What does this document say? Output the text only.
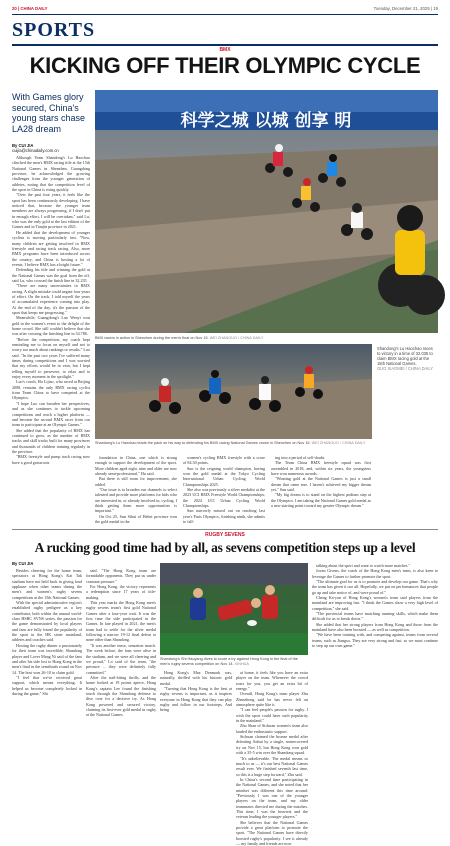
20 | CHINA DAILY	Tuesday, December 21, 2025 | 19
SPORTS
BMX
KICKING OFF THEIR OLYMPIC CYCLE
With Games glory secured, China's young stars chase LA28 dream
By CUI JIA
cuijia@chinadaily.com.cn

Although Team Shandong's Lu Haochao clinched the men's BMX racing title at the 15th National Games in Shenzhen, Guangdong province, he acknowledged the growing challenges from the younger generation of athletes, noting that the competition level of the sport in China is rising quickly.

"Over the past four years, it feels like the sport has been continuously developing. I have noticed that, because the younger team members are always progressing, if I don't put in enough effort, I will be overtaken," said Lu, who was the only gold at the last edition of the Games and in Tianjin province in 2021.

He added that the development of younger cyclists is moving particularly fast. "Now, many children are getting involved in BMX freestyle and racing track racing. Also, more BMX programs have been introduced across the country, and China is hosting a lot of events. I believe BMX has a bright future."

Defending his title and winning the gold at the National Games was the goal from the off, said Lu, who crossed the finish line in 32.235.

"There are many uncertainties in BMX racing. A slight mistake could negate four years of effort. On the track, I told myself the years of accumulated experience coming into play. At the end of the day, it's the passion of the sport that keeps me progressing."

Meanwhile, Guangdong's Luo Wenyi won gold in the women's event to the delight of the home crowd. She still couldn't believe that she was after crossing the finishing line in 34.786.

"Before the competition, my coach kept reminding me to focus on myself and not to worry too much about rankings or results," Luo said. "In the past two years I've suffered many times during competitions and I was worried that my efforts would be in vain, but I kept telling myself to persevere, to relax and to enjoy every moment in the spotlight."

Luo's coach, Hu Lijiao, who raced at Beijing 2008, remains the only BMX racing cyclist from Team China to have competed at the Olympics.

"I hope Luo can broaden her perspectives, and as she continues to tackle upcoming competitions and reach a higher platform — and become the second BMX racer from our team to participate at an Olympic Games."

She added that the popularity of BMX has continued to grow, as the number of BMX tracks and skill tracks built for many provinces and thousands of children training regularly in the province.

"BMX freestyle and pump track racing now have a good grassroots

科学之城 以城 创享 明
BMX racers in action in Shenzhen during the men's final on Nov 15. WEI ZHANGUO / CHINA DAILY
Shandong's Lu Haochao leads the pack on his way to defending his BMX racing National Games crown in Shenzhen on Nov 15. WEI ZHANGUO / CHINA DAILY
Shandong's Lu Haochao races to victory in a time of 32.035 to claim BMX racing gold at the 15th National Games.
GUO XIAOMEI / CHINA DAILY

foundation in China, one which is strong enough to support the development of the sport. More children aged eight, nine and older are now already semi-professional," Hu said.

But there is still room for improvement, she added.

"Our issue is to broaden our channels to select talented and provide more platforms for kids who are interested in, or already involved in, cycling. I think getting them more opportunities is important."

On Oct 25, Sun Sihui of Hebei province won the gold medal in the

women's cycling BMX freestyle with a score of 84.30 points.

Sun is the reigning world champion, having won the gold medal at the Tokyo Cycling International Urban Cycling World Championships 2025.

She also was previously a silver medalist at the 2023 UCI BMX Freestyle World Championships, the 2024 UCI Urban Cycling World Championships.

Sun narrowly missed out on reaching last year's Paris Olympics, finishing ninth, she admits to fall-

ing into a period of self-doubt.

The Team China BMX freestyle squad was first assembled in 2018, and, within six years, the youngsters have won numerous awards.

"Winning gold at the National Games is just a small dream that came true. I haven't achieved my bigger dream yet," Sun said.

"My big dream is to stand on the highest podium step at the Olympics. I am taking the National Games gold medal as a new starting point toward my greater Olympic dream."

RUGBY SEVENS
A rucking good time had by all, as sevens competition steps up a level
By CUI JIA

Besides cheering for the home team, spectators at Hong Kong's Kai Tak stadium have not held back in giving loud applause when other teams during the men's and women's rugby sevens competitions at the 15th National Games.

With the special administrative region's established rugby pedigree as a key contributor, both within the annual world-class HSBC SVNS series, the passion for the game demonstrated by local players and fans are fully found the popularity of the sport in the HK sister mainland, athletes and coaches said.

Hosting the rugby dinner a passionately for their team was incredible, Shandong player and Lover Mang Ni said of the fans and after his side lost to Hong Kong in the men's final in the semifinals round on Nov 14. The host won 26-10 to claim gold.

"I feel that we've received great support, which means everything. It helped us become completely locked in during the game," Shi

said. "The Hong Kong team are formidable opponents. They put us under constant pressure."

For Hong Kong, the victory represents a redemption since 17 years of title-making.

This year marks the Hong Kong men's rugby sevens team's first gold National Games after a four-year wait. It was the first time the side participated in the Games. In late played in 2021, the men's team had to settle for the silver medal following a narrow 19-12 final defeat to none other than Shandong.

"It was another tense, sensation match. The week before, the fans were alive in the stadium, and we were all cheering and we proud," Lo said of the team, "the pressure ... they were definitely fully committed."

After the nail-biting thrills, and the home looked at 19 points apiece, Hong Kong's captain Lee found the finishing touch through the Shandong defense to dive over for a decisive try. As Hong Kong powered and secured victory, claiming its first-ever gold medal in rugby at the National Games.

Shandong's Shi Haoyang dives to score a try against Hong Kong in the final of the men's rugby sevens competition on Nov 14. XINHUA

Hong Kong's Max Denmark was, naturally, thrilled with his historic gold medal.

"Turning that Hong Kong is the best at rugby sevens is important, as it inspires everyone in Hong Kong that they can play rugby and follow in our footsteps. And being

at home, it feels like you have an extra player on the team. Whenever the crowd roars for you, you get an extra bit of energy."

Overall, Hong Kong's team player Zhu Zhenzhong said he has never felt an atmosphere quite like it.

"I can feel people's passion for rugby. I wish the sport could have such popularity in the mainland."

Zhu Shan of Sichuan women's team also lauded the enthusiastic support.

Sichuan claimed the bronze medal after defeating Anhui by a single, nonrecovered try on Nov 15, but Hong Kong won gold with a 35-5 win over the Shandong squad.

"It's unbelievable. The medal means so much to us — it's our best National Games result ever. We finished seventh last time, so this is a huge step forward," Zhu said.

In China's second time participating in the National Games, and she noted that her mindset was different this time around: "Previously I was one of the younger players on the team, and my older teammates directed me during the matches. This time, I was the heaviest and the veteran leading the younger players."

She believes that the National Games provide a great platform to promote the sport. "The National Games have directly boosted rugby's popularity. I see it already — my family and friends are now

talking about the sport and want to watch more matches."

Jovan Givens, the coach of the Hong Kong men's team, is also keen to leverage the Games to further promote the sport.

"The ultimate goal for us is to promote and develop our game. That's why the team has given it our all. Hopefully, we put on performances that people go up and take notice of, and were proud of."

Cheng Ka-yan of Hong Kong's women's team said players from the mainland are improving fast. "I think the Games show a very high level of competition," she said.

"The provincial teams have matching running skills, which make them difficult for us to break down."

She added that her strong players from Hong Kong and those from the mainland have also been boosted — as well as competition.

"We have been training with, and competing against, teams from several teams, such as Jiangsu. They are very strong and fast, so we must continue to step up our own game."
